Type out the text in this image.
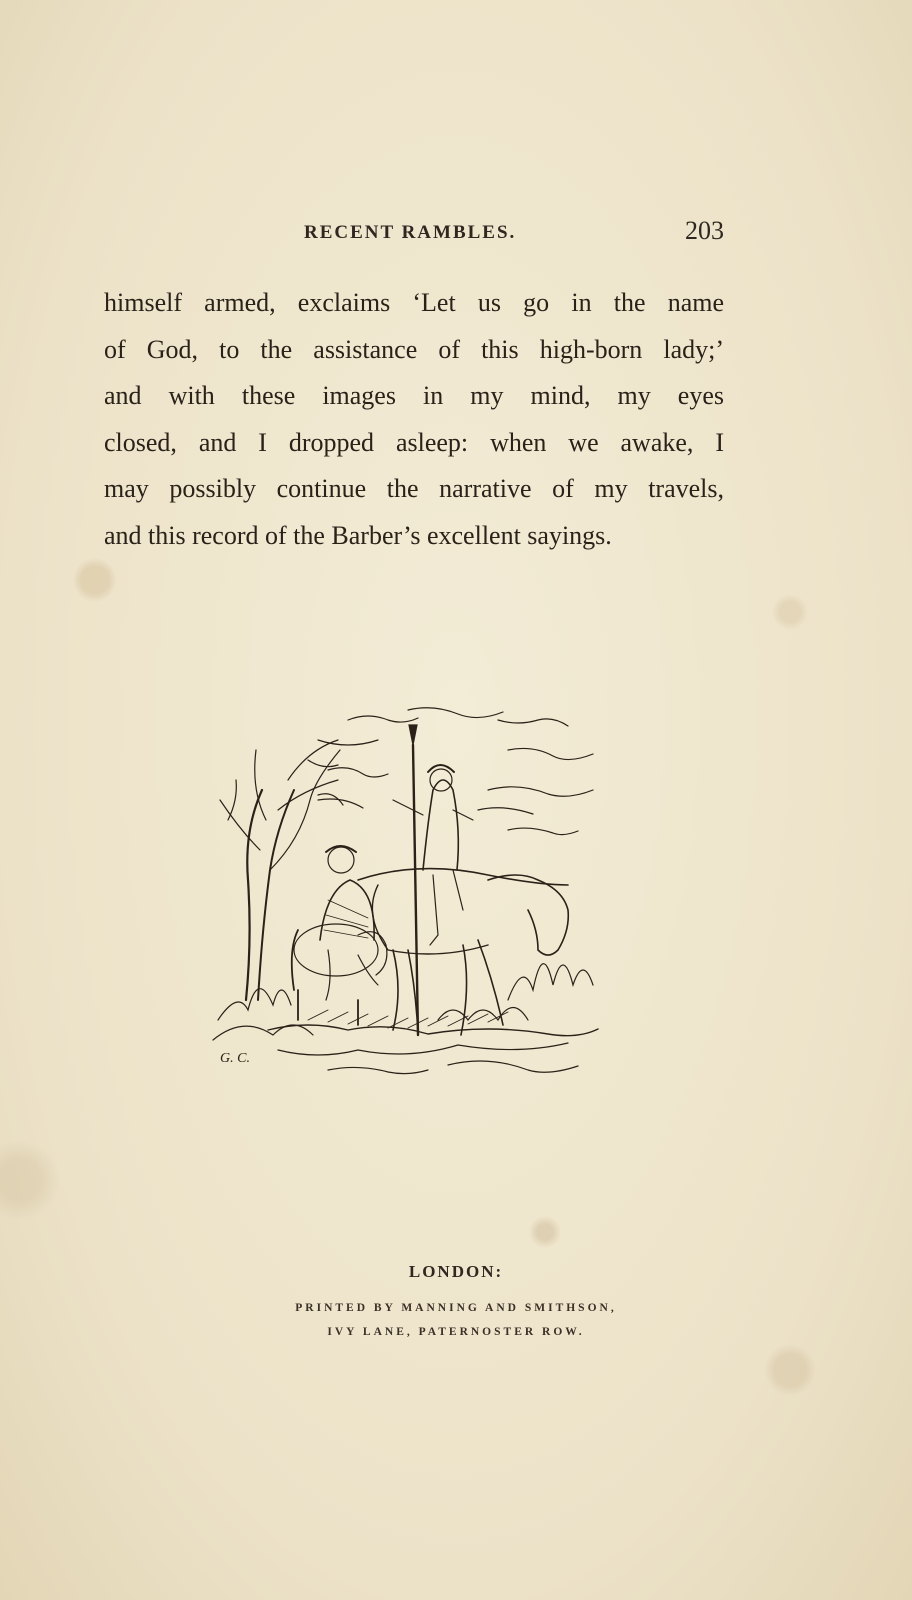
RECENT RAMBLES.	203
himself armed, exclaims ‘Let us go in the name
of God, to the assistance of this high-born lady;’
and with these images in my mind, my eyes
closed, and I dropped asleep: when we awake, I
may possibly continue the narrative of my travels,
and this record of the Barber’s excellent sayings.
G. C.
LONDON:
PRINTED BY MANNING AND SMITHSON,
IVY LANE, PATERNOSTER ROW.
